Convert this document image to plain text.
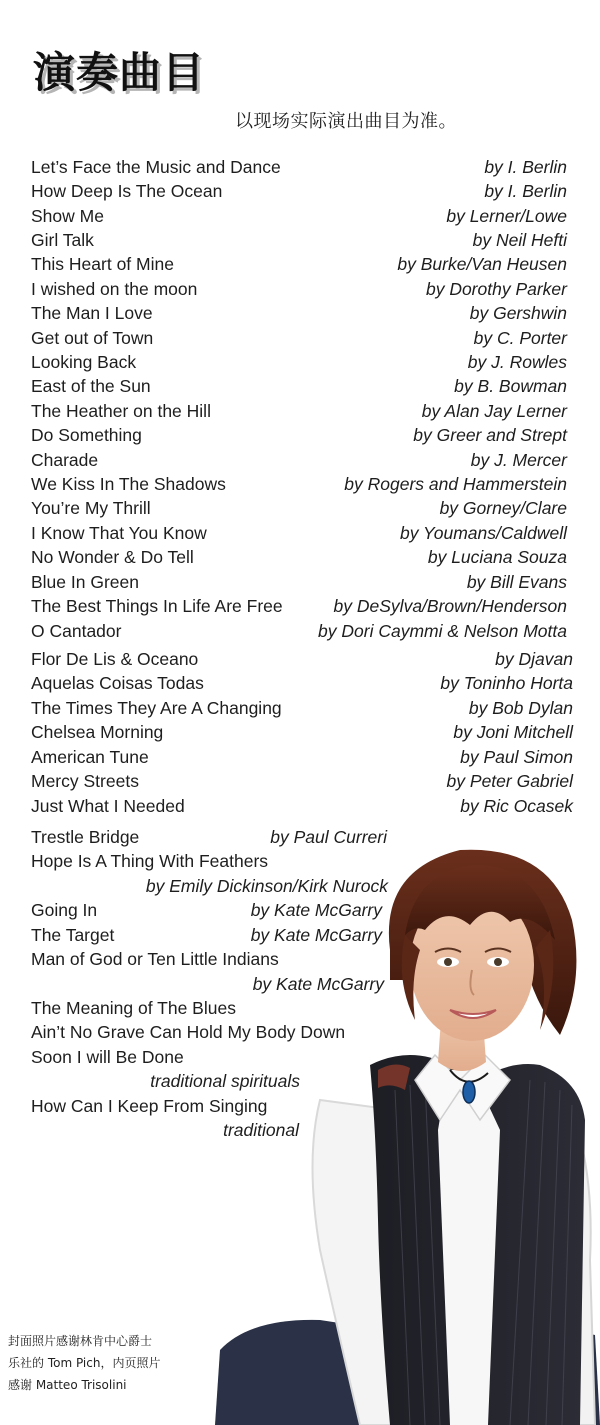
演奏曲目
以现场实际演出曲目为准。
Let’s Face the Music and Dance	by I. Berlin
How Deep Is The Ocean	by I. Berlin
Show Me	by Lerner/Lowe
Girl Talk	by Neil Hefti
This Heart of Mine	by Burke/Van Heusen
I wished on the moon	by Dorothy Parker
The Man I Love	by Gershwin
Get out of Town	by C. Porter
Looking Back	by J. Rowles
East of the Sun	by B. Bowman
The Heather on the Hill	by Alan Jay Lerner
Do Something	by Greer and Strept
Charade	by J. Mercer
We Kiss In The Shadows	by Rogers and Hammerstein
You’re My Thrill	by Gorney/Clare
I Know That You Know	by Youmans/Caldwell
No Wonder & Do Tell	by Luciana Souza
Blue In Green	by Bill Evans
The Best Things In Life Are Free	by DeSylva/Brown/Henderson
O Cantador	by Dori Caymmi & Nelson Motta
Flor De Lis & Oceano	by Djavan
Aquelas Coisas Todas	by Toninho Horta
The Times They Are A Changing	by Bob Dylan
Chelsea Morning	by Joni Mitchell
American Tune	by Paul Simon
Mercy Streets	by Peter Gabriel
Just What I Needed	by Ric Ocasek
Trestle Bridge	by Paul Curreri
Hope Is A Thing With Feathers
by Emily Dickinson/Kirk Nurock
Going In	by Kate McGarry
The Target	by Kate McGarry
Man of God or Ten Little Indians
by Kate McGarry
The Meaning of The Blues
Ain’t No Grave Can Hold My Body Down
Soon I will Be Done
traditional spirituals
How Can I Keep From Singing
traditional
封面照片感谢林肯中心爵士
乐社的 Tom Pich，内页照片
感谢 Matteo Trisolini
